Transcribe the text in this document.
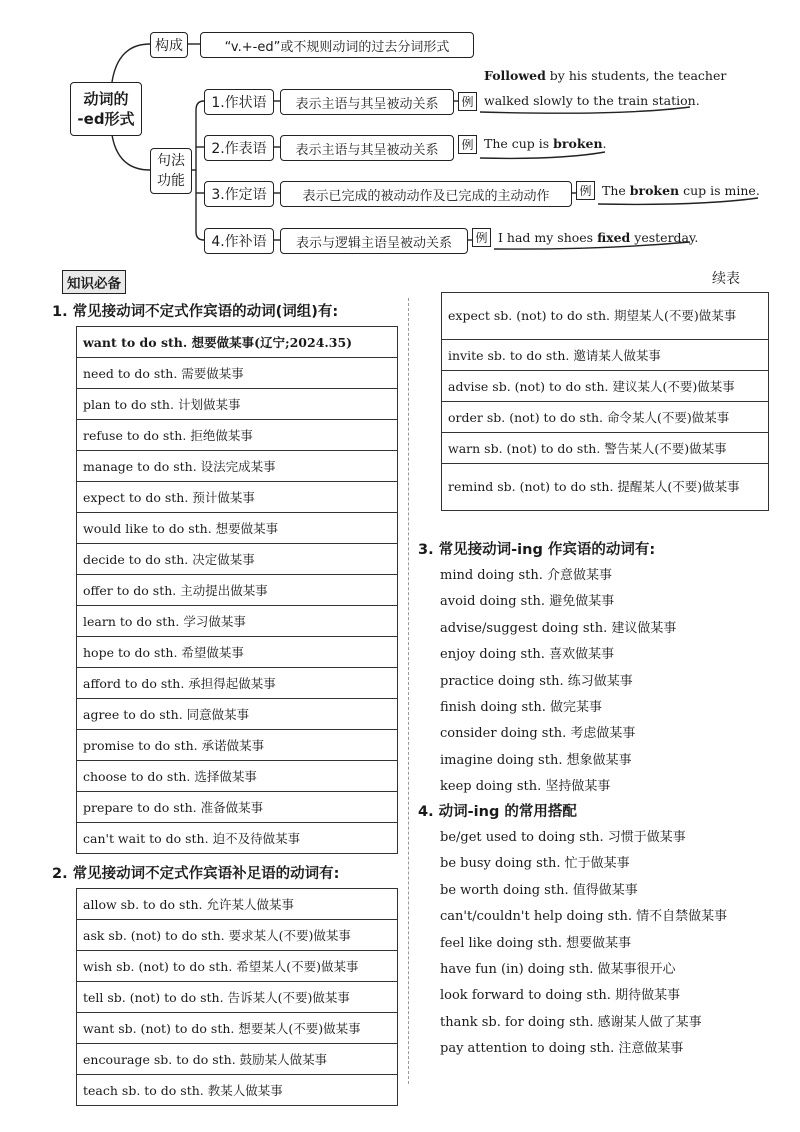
动词的
-ed形式
构成	“v.+-ed”或不规则动词的过去分词形式
句法
功能
1.作状语	表示主语与其呈被动关系	例
Followed by his students, the teacher
walked slowly to the train station.
2.作表语	表示主语与其呈被动关系	例 The cup is broken.
3.作定语	表示已完成的被动动作及已完成的主动动作	例 The broken cup is mine.
4.作补语	表示与逻辑主语呈被动关系	例 I had my shoes fixed yesterday.
知识必备	续表
1. 常见接动词不定式作宾语的动词(词组)有:
want to do sth. 想要做某事(辽宁;2024.35)
need to do sth. 需要做某事
plan to do sth. 计划做某事
refuse to do sth. 拒绝做某事
manage to do sth. 设法完成某事
expect to do sth. 预计做某事
would like to do sth. 想要做某事
decide to do sth. 决定做某事
offer to do sth. 主动提出做某事
learn to do sth. 学习做某事
hope to do sth. 希望做某事
afford to do sth. 承担得起做某事
agree to do sth. 同意做某事
promise to do sth. 承诺做某事
choose to do sth. 选择做某事
prepare to do sth. 准备做某事
can't wait to do sth. 迫不及待做某事
2. 常见接动词不定式作宾语补足语的动词有:
allow sb. to do sth. 允许某人做某事
ask sb. (not) to do sth. 要求某人(不要)做某事
wish sb. (not) to do sth. 希望某人(不要)做某事
tell sb. (not) to do sth. 告诉某人(不要)做某事
want sb. (not) to do sth. 想要某人(不要)做某事
encourage sb. to do sth. 鼓励某人做某事
teach sb. to do sth. 教某人做某事
expect sb. (not) to do sth. 期望某人(不要)做某事
invite sb. to do sth. 邀请某人做某事
advise sb. (not) to do sth. 建议某人(不要)做某事
order sb. (not) to do sth. 命令某人(不要)做某事
warn sb. (not) to do sth. 警告某人(不要)做某事
remind sb. (not) to do sth. 提醒某人(不要)做某事
3. 常见接动词-ing 作宾语的动词有:
mind doing sth. 介意做某事
avoid doing sth. 避免做某事
advise/suggest doing sth. 建议做某事
enjoy doing sth. 喜欢做某事
practice doing sth. 练习做某事
finish doing sth. 做完某事
consider doing sth. 考虑做某事
imagine doing sth. 想象做某事
keep doing sth. 坚持做某事
4. 动词-ing 的常用搭配
be/get used to doing sth. 习惯于做某事
be busy doing sth. 忙于做某事
be worth doing sth. 值得做某事
can't/couldn't help doing sth. 情不自禁做某事
feel like doing sth. 想要做某事
have fun (in) doing sth. 做某事很开心
look forward to doing sth. 期待做某事
thank sb. for doing sth. 感谢某人做了某事
pay attention to doing sth. 注意做某事
